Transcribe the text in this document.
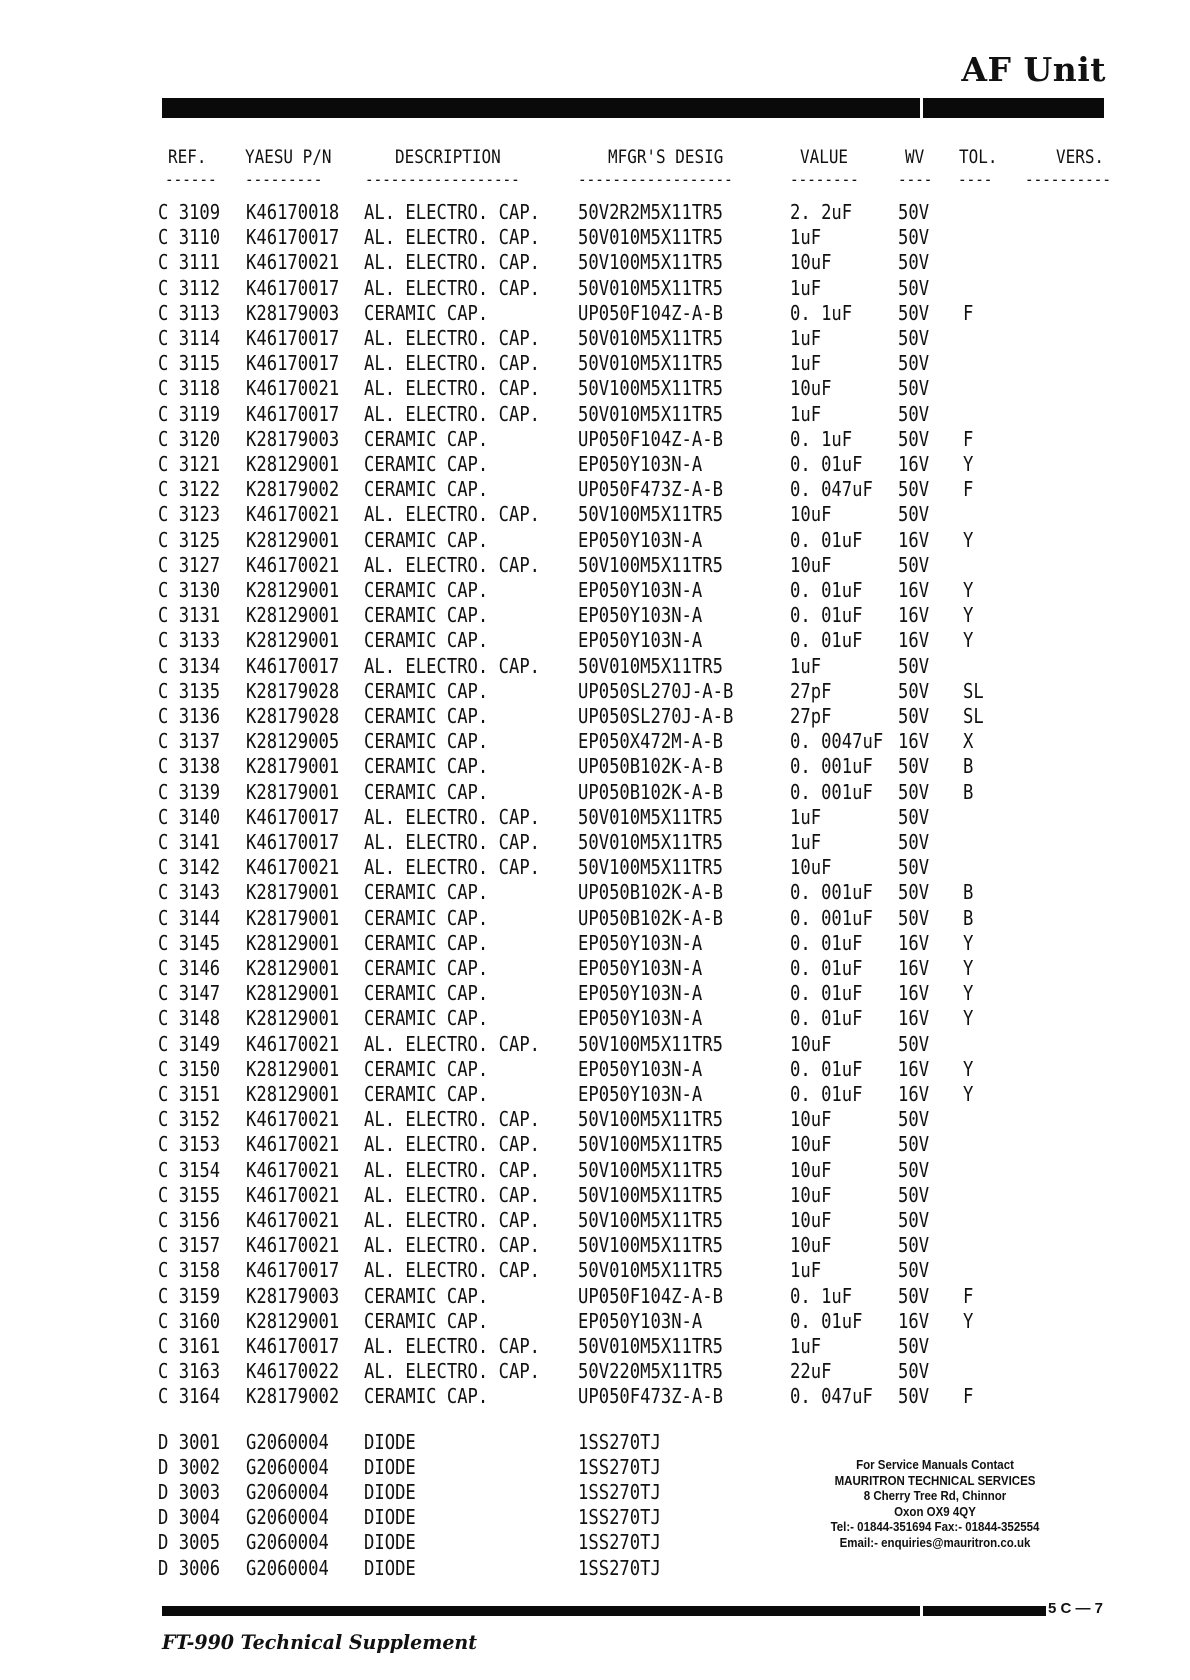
AF Unit
REF. YAESU P/N	DESCRIPTION	MFGR'S DESIG	VALUE	WV TOL.	VERS.
------ ---------	------------------	------------------	-------- ---- ---- ----------
C 3109 K46170018 AL. ELECTRO. CAP. 50V2R2M5X11TR5	2. 2uF 50V
C 3110 K46170017 AL. ELECTRO. CAP. 50V010M5X11TR5	1uF	50V
C 3111 K46170021 AL. ELECTRO. CAP. 50V100M5X11TR5	10uF	50V
C 3112 K46170017 AL. ELECTRO. CAP. 50V010M5X11TR5	1uF	50V
C 3113 K28179003 CERAMIC CAP.	UP050F104Z-A-B	0. 1uF 50V F
C 3114 K46170017 AL. ELECTRO. CAP. 50V010M5X11TR5	1uF	50V
C 3115 K46170017 AL. ELECTRO. CAP. 50V010M5X11TR5	1uF	50V
C 3118 K46170021 AL. ELECTRO. CAP. 50V100M5X11TR5	10uF	50V
C 3119 K46170017 AL. ELECTRO. CAP. 50V010M5X11TR5	1uF	50V
C 3120 K28179003 CERAMIC CAP.	UP050F104Z-A-B	0. 1uF 50V F
C 3121 K28129001 CERAMIC CAP.	EP050Y103N-A	0. 01uF 16V Y
C 3122 K28179002 CERAMIC CAP.	UP050F473Z-A-B	0. 047uF 50V F
C 3123 K46170021 AL. ELECTRO. CAP. 50V100M5X11TR5	10uF	50V
C 3125 K28129001 CERAMIC CAP.	EP050Y103N-A	0. 01uF 16V Y
C 3127 K46170021 AL. ELECTRO. CAP. 50V100M5X11TR5	10uF	50V
C 3130 K28129001 CERAMIC CAP.	EP050Y103N-A	0. 01uF 16V Y
C 3131 K28129001 CERAMIC CAP.	EP050Y103N-A	0. 01uF 16V Y
C 3133 K28129001 CERAMIC CAP.	EP050Y103N-A	0. 01uF 16V Y
C 3134 K46170017 AL. ELECTRO. CAP. 50V010M5X11TR5	1uF	50V
C 3135 K28179028 CERAMIC CAP.	UP050SL270J-A-B	27pF	50V SL
C 3136 K28179028 CERAMIC CAP.	UP050SL270J-A-B	27pF	50V SL
C 3137 K28129005 CERAMIC CAP.	EP050X472M-A-B	0. 0047uF 16V X
C 3138 K28179001 CERAMIC CAP.	UP050B102K-A-B	0. 001uF 50V B
C 3139 K28179001 CERAMIC CAP.	UP050B102K-A-B	0. 001uF 50V B
C 3140 K46170017 AL. ELECTRO. CAP. 50V010M5X11TR5	1uF	50V
C 3141 K46170017 AL. ELECTRO. CAP. 50V010M5X11TR5	1uF	50V
C 3142 K46170021 AL. ELECTRO. CAP. 50V100M5X11TR5	10uF	50V
C 3143 K28179001 CERAMIC CAP.	UP050B102K-A-B	0. 001uF 50V B
C 3144 K28179001 CERAMIC CAP.	UP050B102K-A-B	0. 001uF 50V B
C 3145 K28129001 CERAMIC CAP.	EP050Y103N-A	0. 01uF 16V Y
C 3146 K28129001 CERAMIC CAP.	EP050Y103N-A	0. 01uF 16V Y
C 3147 K28129001 CERAMIC CAP.	EP050Y103N-A	0. 01uF 16V Y
C 3148 K28129001 CERAMIC CAP.	EP050Y103N-A	0. 01uF 16V Y
C 3149 K46170021 AL. ELECTRO. CAP. 50V100M5X11TR5	10uF	50V
C 3150 K28129001 CERAMIC CAP.	EP050Y103N-A	0. 01uF 16V Y
C 3151 K28129001 CERAMIC CAP.	EP050Y103N-A	0. 01uF 16V Y
C 3152 K46170021 AL. ELECTRO. CAP. 50V100M5X11TR5	10uF	50V
C 3153 K46170021 AL. ELECTRO. CAP. 50V100M5X11TR5	10uF	50V
C 3154 K46170021 AL. ELECTRO. CAP. 50V100M5X11TR5	10uF	50V
C 3155 K46170021 AL. ELECTRO. CAP. 50V100M5X11TR5	10uF	50V
C 3156 K46170021 AL. ELECTRO. CAP. 50V100M5X11TR5	10uF	50V
C 3157 K46170021 AL. ELECTRO. CAP. 50V100M5X11TR5	10uF	50V
C 3158 K46170017 AL. ELECTRO. CAP. 50V010M5X11TR5	1uF	50V
C 3159 K28179003 CERAMIC CAP.	UP050F104Z-A-B	0. 1uF 50V F
C 3160 K28129001 CERAMIC CAP.	EP050Y103N-A	0. 01uF 16V Y
C 3161 K46170017 AL. ELECTRO. CAP. 50V010M5X11TR5	1uF	50V
C 3163 K46170022 AL. ELECTRO. CAP. 50V220M5X11TR5	22uF	50V
C 3164 K28179002 CERAMIC CAP.	UP050F473Z-A-B	0. 047uF 50V F
D 3001 G2060004 DIODE	1SS270TJ
D 3002 G2060004 DIODE	1SS270TJ
D 3003 G2060004 DIODE	1SS270TJ
D 3004 G2060004 DIODE	1SS270TJ
D 3005 G2060004 DIODE	1SS270TJ
D 3006 G2060004 DIODE	1SS270TJ
For Service Manuals Contact
MAURITRON TECHNICAL SERVICES
8 Cherry Tree Rd, Chinnor
Oxon OX9 4QY
Tel:- 01844-351694 Fax:- 01844-352554
Email:- enquiries@mauritron.co.uk
5 C — 7
FT-990 Technical Supplement
